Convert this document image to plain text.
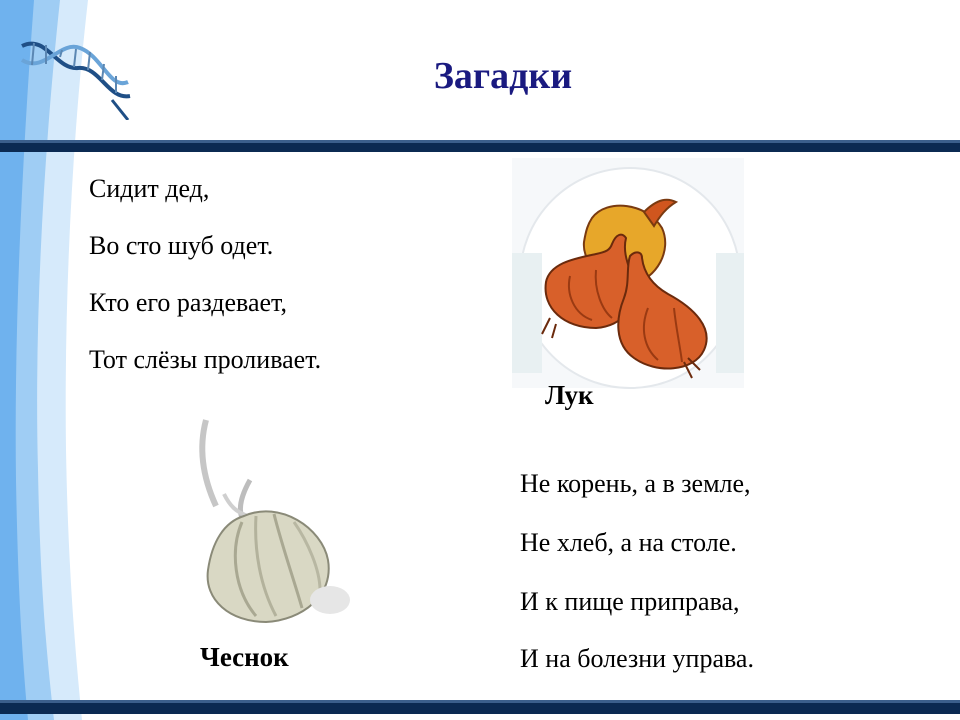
Загадки
Сидит дед,
Во сто шуб одет.
Кто его раздевает,
Тот слёзы проливает.
Лук
Чеснок
Не корень, а в земле,
Не хлеб, а на столе.
И к пище приправа,
И на болезни управа.
